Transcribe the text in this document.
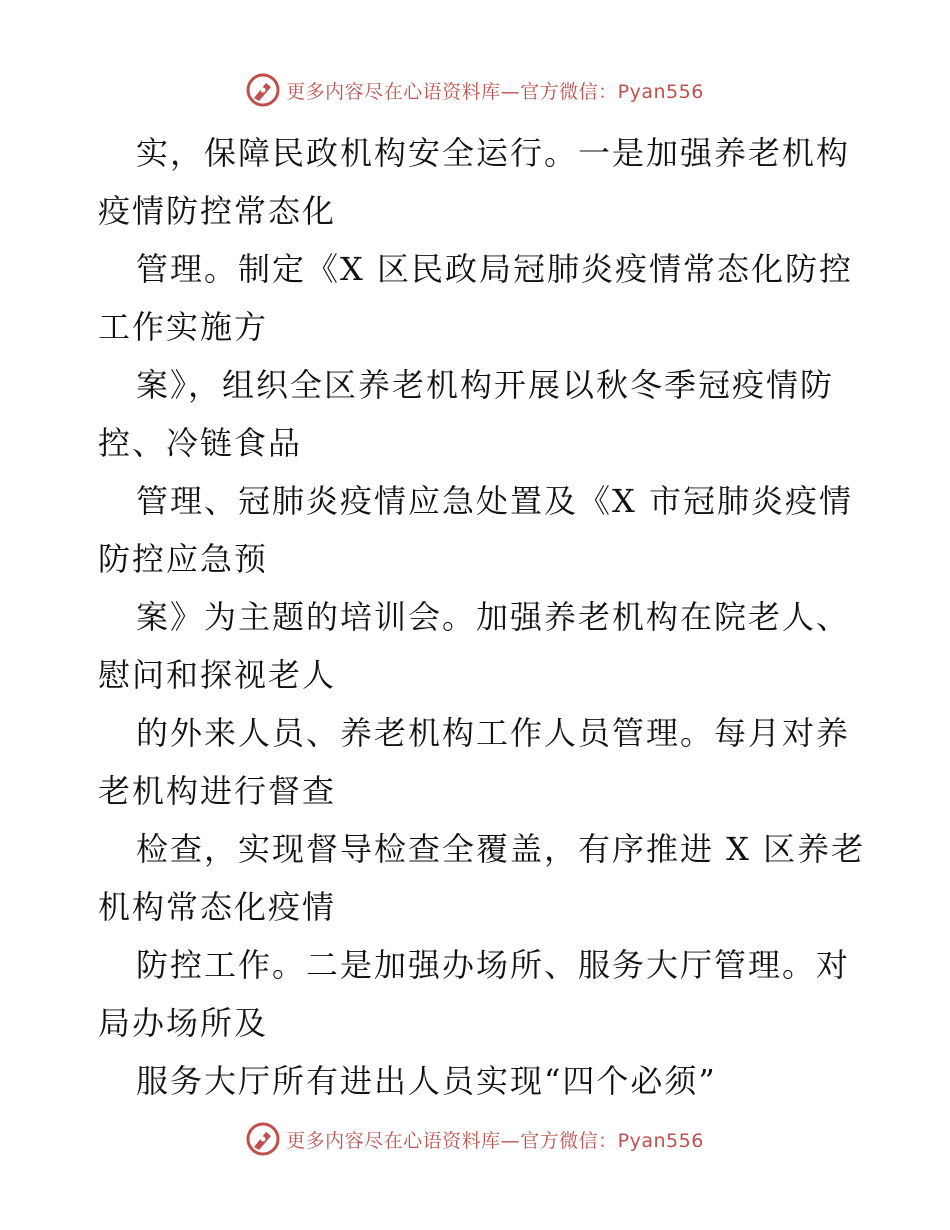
更多内容尽在心语资料库—官方微信：Pyan556

实，保障民政机构安全运行。一是加强养老机构

疫情防控常态化

管理。制定《X 区民政局冠肺炎疫情常态化防控

工作实施方

案》，组织全区养老机构开展以秋冬季冠疫情防

控、冷链食品

管理、冠肺炎疫情应急处置及《X 市冠肺炎疫情

防控应急预

案》为主题的培训会。加强养老机构在院老人、

慰问和探视老人

的外来人员、养老机构工作人员管理。每月对养

老机构进行督查

检查，实现督导检查全覆盖，有序推进 X 区养老

机构常态化疫情

防控工作。二是加强办场所、服务大厅管理。对

局办场所及

服务大厅所有进出人员实现“四个必须”

更多内容尽在心语资料库—官方微信：Pyan556
